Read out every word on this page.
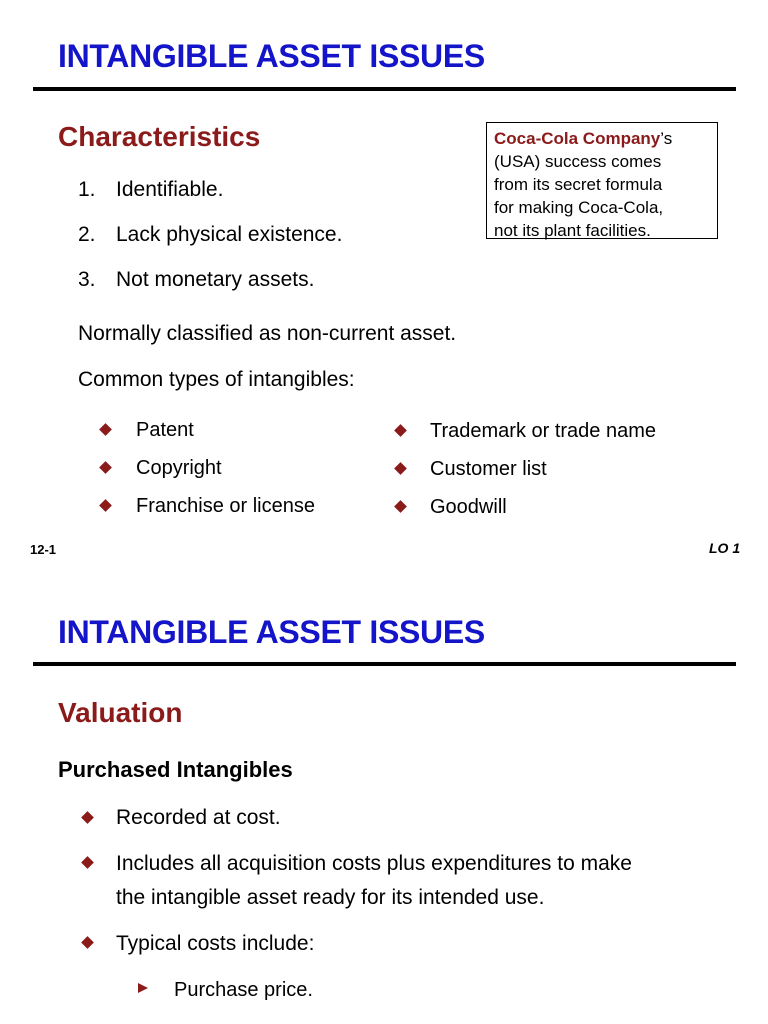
INTANGIBLE ASSET ISSUES
Characteristics
1. Identifiable.
2. Lack physical existence.
3. Not monetary assets.
Coca-Cola Company’s
(USA) success comes
from its secret formula
for making Coca-Cola,
not its plant facilities.
Normally classified as non-current asset.
Common types of intangibles:
Patent
Copyright
Franchise or license
Trademark or trade name
Customer list
Goodwill
12-1	LO 1
INTANGIBLE ASSET ISSUES
Valuation
Purchased Intangibles
Recorded at cost.
Includes all acquisition costs plus expenditures to make
the intangible asset ready for its intended use.
Typical costs include:
Purchase price.
